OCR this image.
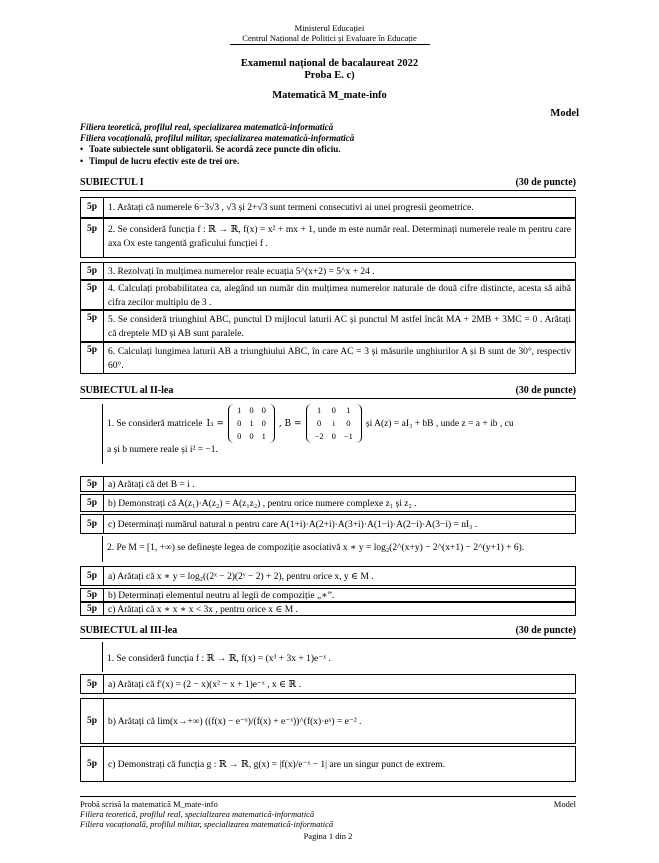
Ministerul Educației
Centrul Național de Politici și Evaluare în Educație
Examenul național de bacalaureat 2022
Proba E. c)
Matematică M_mate-info
Model
Filiera teoretică, profilul real, specializarea matematică-informatică
Filiera vocațională, profilul militar, specializarea matematică-informatică
• Toate subiectele sunt obligatorii. Se acordă zece puncte din oficiu.
• Timpul de lucru efectiv este de trei ore.
SUBIECTUL I	(30 de puncte)
5p	1. Arătați că numerele 6−3√3 , √3 și 2+√3 sunt termeni consecutivi ai unei progresii geometrice.
5p	2. Se consideră funcția f : ℝ → ℝ, f(x) = x² + mx + 1, unde m este număr real. Determinați numerele reale m pentru care axa Ox este tangentă graficului funcției f .
5p	3. Rezolvați în mulțimea numerelor reale ecuația 5^(x+2) = 5^x + 24 .
5p	4. Calculați probabilitatea ca, alegând un număr din mulțimea numerelor naturale de două cifre distincte, acesta să aibă cifra zecilor multiplu de 3 .
5p	5. Se consideră triunghiul ABC, punctul D mijlocul laturii AC și punctul M astfel încât MA + 2MB + 3MC = 0 . Arătați că dreptele MD și AB sunt paralele.
5p	6. Calculați lungimea laturii AB a triunghiului ABC, în care AC = 3 și măsurile unghiurilor A și B sunt de 30°, respectiv 60°.
SUBIECTUL al II-lea	(30 de puncte)
1. Se consideră matricele I₃ =
1	0	0
0	1	0
0	0	1
, B =
1	0	1
0	i	0
−2	0	−1
și A(z) = aI₃ + bB , unde z = a + ib , cu
a și b numere reale și i² = −1.
5p	a) Arătați că det B = i .
5p	b) Demonstrați că A(z₁)·A(z₂) = A(z₁z₂) , pentru orice numere complexe z₁ și z₂ .
5p	c) Determinați numărul natural n pentru care A(1+i)·A(2+i)·A(3+i)·A(1−i)·A(2−i)·A(3−i) = nI₃ .
2. Pe M = [1, +∞) se definește legea de compoziție asociativă x ∗ y = log₂(2^(x+y) − 2^(x+1) − 2^(y+1) + 6).
5p	a) Arătați că x ∗ y = log₂((2ˣ − 2)(2ʸ − 2) + 2), pentru orice x, y ∈ M .
5p	b) Determinați elementul neutru al legii de compoziție „∗”.
5p	c) Arătați că x ∗ x ∗ x < 3x , pentru orice x ∈ M .
SUBIECTUL al III-lea	(30 de puncte)
1. Se consideră funcția f : ℝ → ℝ, f(x) = (x³ + 3x + 1)e⁻ˣ .
5p	a) Arătați că f′(x) = (2 − x)(x² − x + 1)e⁻ˣ , x ∈ ℝ .
5p	b) Arătați că lim(x→+∞) ((f(x) − e⁻ˣ)/(f(x) + e⁻ˣ))^(f(x)·eˣ) = e⁻² .
5p	c) Demonstrați că funcția g : ℝ → ℝ, g(x) = |f(x)/e⁻ˣ − 1| are un singur punct de extrem.
Probă scrisă la matematică M_mate-info	Model
Filiera teoretică, profilul real, specializarea matematică-informatică
Filiera vocațională, profilul militar, specializarea matematică-informatică
Pagina 1 din 2
